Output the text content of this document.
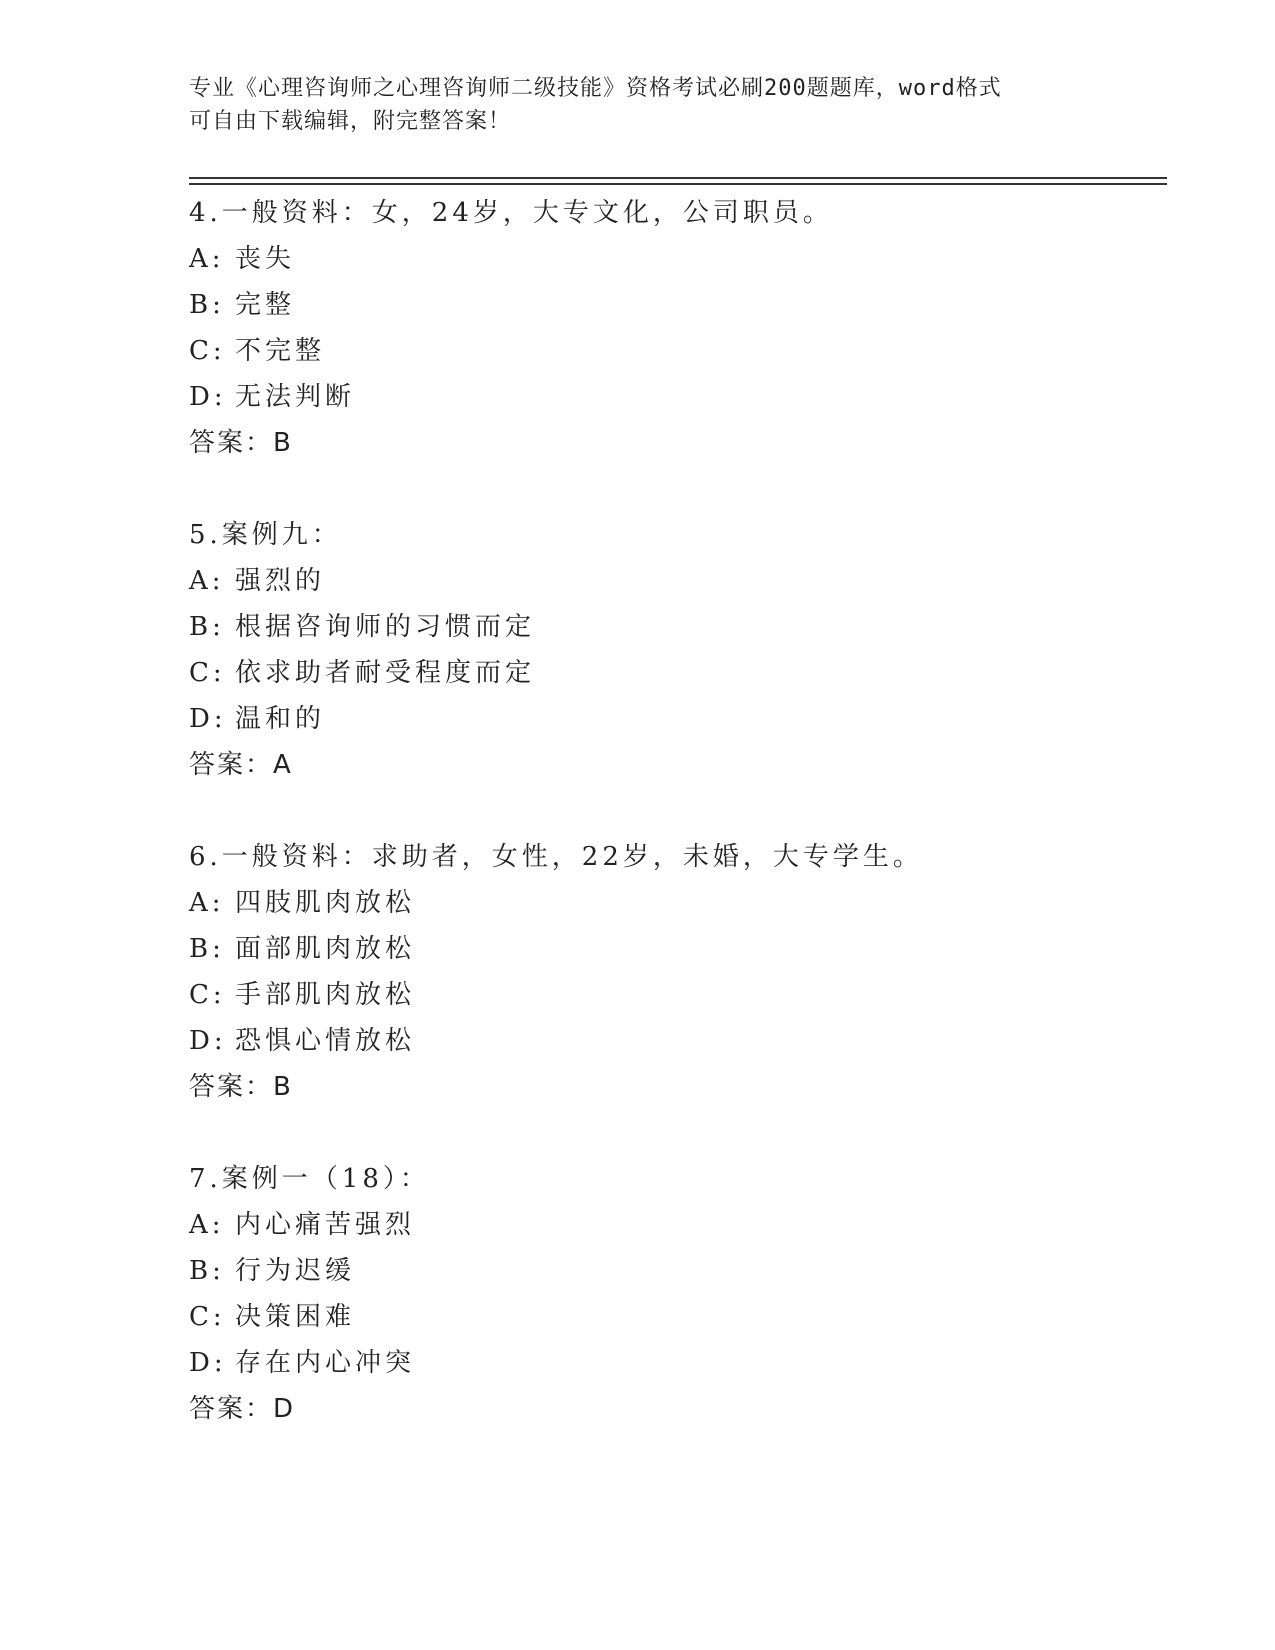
专业《心理咨询师之心理咨询师二级技能》资格考试必刷200题题库，word格式
可自由下载编辑，附完整答案！
4.一般资料：女，24岁，大专文化，公司职员。
A: 丧失
B: 完整
C: 不完整
D: 无法判断
答案：B
5.案例九：
A: 强烈的
B: 根据咨询师的习惯而定
C: 依求助者耐受程度而定
D: 温和的
答案：A
6.一般资料：求助者，女性，22岁，未婚，大专学生。
A: 四肢肌肉放松
B: 面部肌肉放松
C: 手部肌肉放松
D: 恐惧心情放松
答案：B
7.案例一（18）：
A: 内心痛苦强烈
B: 行为迟缓
C: 决策困难
D: 存在内心冲突
答案：D
